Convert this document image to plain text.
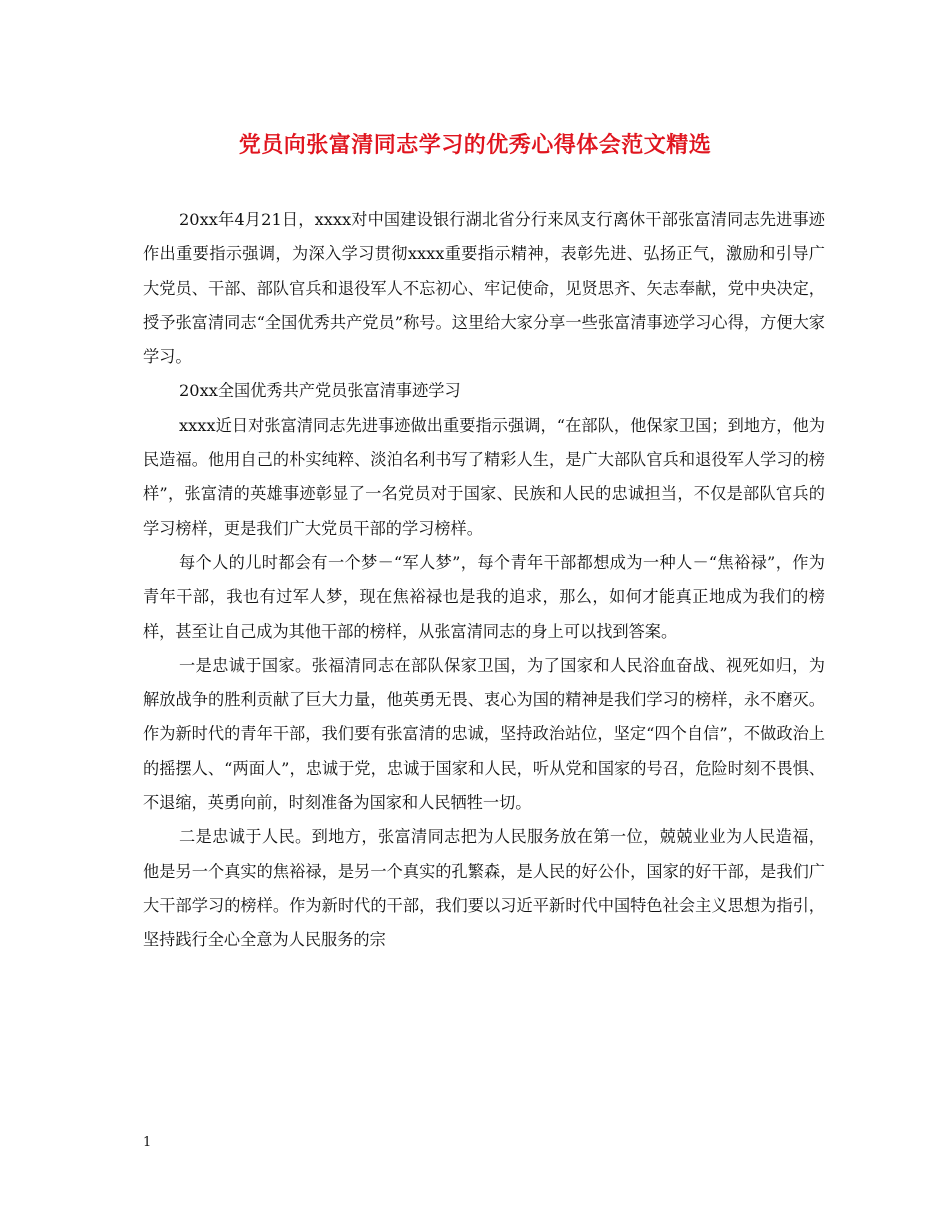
党员向张富清同志学习的优秀心得体会范文精选

20xx年4月21日，xxxx对中国建设银行湖北省分行来凤支行离休干部张富清同志先进事迹作出重要指示强调，为深入学习贯彻xxxx重要指示精神，表彰先进、弘扬正气，激励和引导广大党员、干部、部队官兵和退役军人不忘初心、牢记使命，见贤思齐、矢志奉献，党中央决定，授予张富清同志“全国优秀共产党员”称号。这里给大家分享一些张富清事迹学习心得，方便大家学习。

20xx全国优秀共产党员张富清事迹学习

xxxx近日对张富清同志先进事迹做出重要指示强调，“在部队，他保家卫国；到地方，他为民造福。他用自己的朴实纯粹、淡泊名利书写了精彩人生，是广大部队官兵和退役军人学习的榜样”，张富清的英雄事迹彰显了一名党员对于国家、民族和人民的忠诚担当，不仅是部队官兵的学习榜样，更是我们广大党员干部的学习榜样。

每个人的儿时都会有一个梦－“军人梦”，每个青年干部都想成为一种人－“焦裕禄”，作为青年干部，我也有过军人梦，现在焦裕禄也是我的追求，那么，如何才能真正地成为我们的榜样，甚至让自己成为其他干部的榜样，从张富清同志的身上可以找到答案。

一是忠诚于国家。张福清同志在部队保家卫国，为了国家和人民浴血奋战、视死如归，为解放战争的胜利贡献了巨大力量，他英勇无畏、衷心为国的精神是我们学习的榜样，永不磨灭。作为新时代的青年干部，我们要有张富清的忠诚，坚持政治站位，坚定“四个自信”，不做政治上的摇摆人、“两面人”，忠诚于党，忠诚于国家和人民，听从党和国家的号召，危险时刻不畏惧、不退缩，英勇向前，时刻准备为国家和人民牺牲一切。

二是忠诚于人民。到地方，张富清同志把为人民服务放在第一位，兢兢业业为人民造福，他是另一个真实的焦裕禄，是另一个真实的孔繁森，是人民的好公仆，国家的好干部，是我们广大干部学习的榜样。作为新时代的干部，我们要以习近平新时代中国特色社会主义思想为指引，坚持践行全心全意为人民服务的宗

1
